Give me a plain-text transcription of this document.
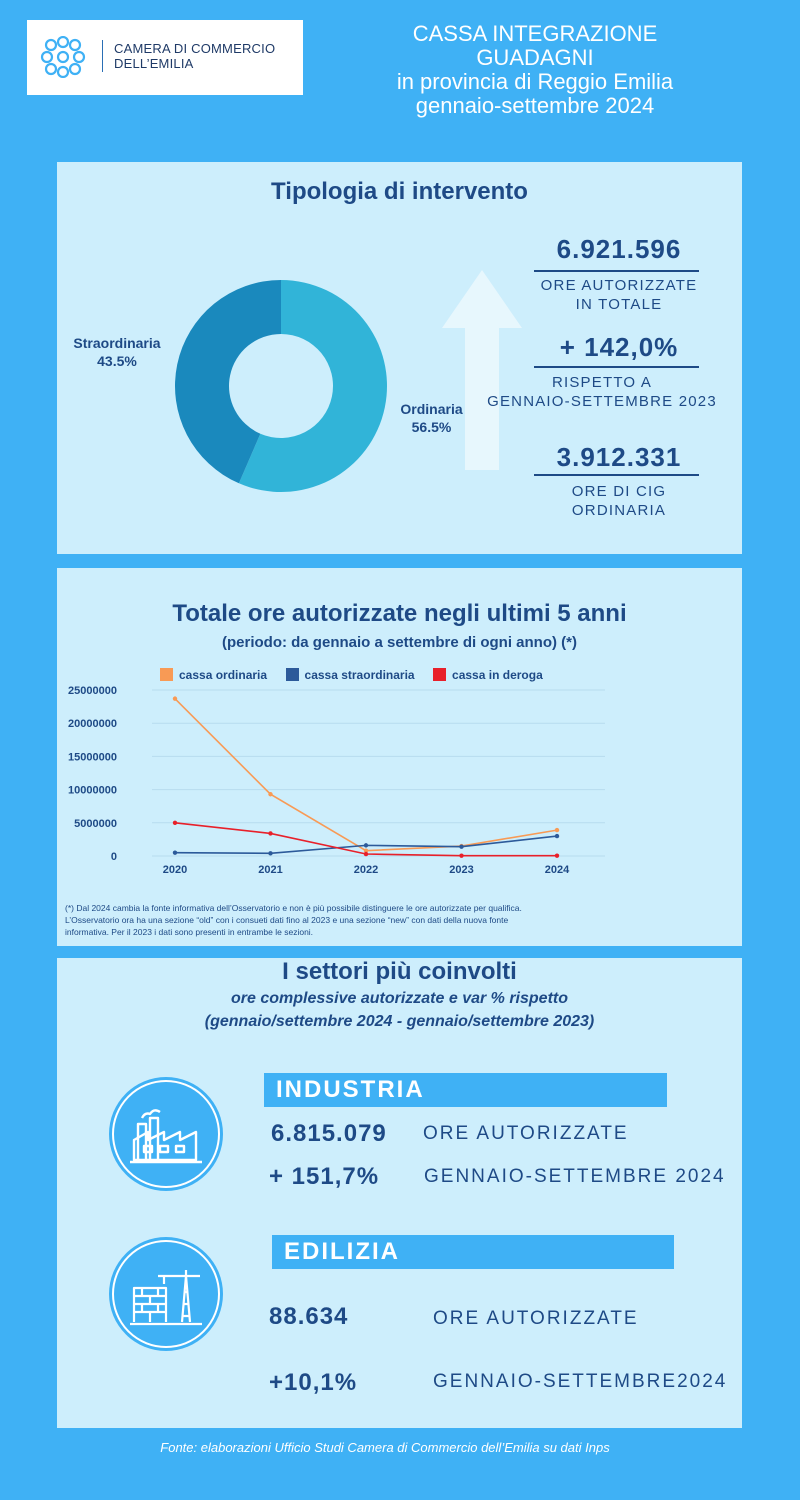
CAMERA DI COMMERCIO
DELL’EMILIA
CASSA INTEGRAZIONE
GUADAGNI
in provincia di Reggio Emilia
gennaio-settembre 2024
Tipologia di intervento
Straordinaria
43.5%
Ordinaria
56.5%
6.921.596
ORE AUTORIZZATE
IN TOTALE
+ 142,0%
RISPETTO A
GENNAIO-SETTEMBRE 2023
3.912.331
ORE DI CIG
ORDINARIA
Totale ore autorizzate negli ultimi 5 anni
(periodo: da gennaio a settembre di ogni anno) (*)
cassa ordinaria	cassa straordinaria	cassa in deroga
25000000
20000000
15000000
10000000
5000000
0
2020	2021	2022	2023	2024
(*) Dal 2024 cambia la fonte informativa dell’Osservatorio e non è più possibile distinguere le ore autorizzate per qualifica.
L’Osservatorio ora ha una sezione “old” con i consueti dati fino al 2023 e una sezione “new” con dati della nuova fonte
informativa. Per il 2023 i dati sono presenti in entrambe le sezioni.
I settori più coinvolti
ore complessive autorizzate e var % rispetto
(gennaio/settembre 2024 - gennaio/settembre 2023)
INDUSTRIA
6.815.079 ORE AUTORIZZATE
+ 151,7% GENNAIO-SETTEMBRE 2024
EDILIZIA
88.634	ORE AUTORIZZATE
+10,1%	GENNAIO-SETTEMBRE2024
Fonte: elaborazioni Ufficio Studi Camera di Commercio dell’Emilia su dati Inps
